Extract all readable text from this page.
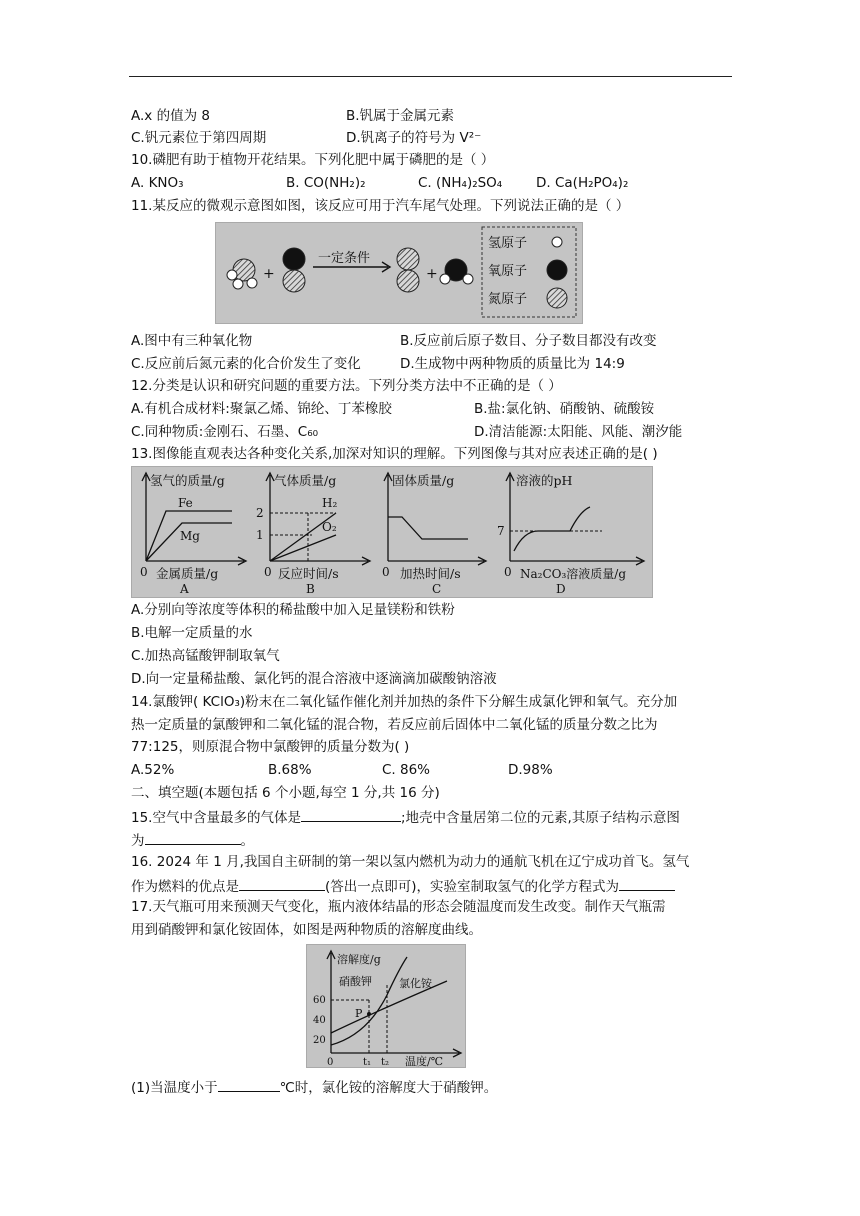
A.x 的值为 8	B.钒属于金属元素
C.钒元素位于第四周期	D.钒离子的符号为 V²⁻
10.磷肥有助于植物开花结果。下列化肥中属于磷肥的是（ ）
A. KNO₃	B. CO(NH₂)₂	C. (NH₄)₂SO₄	D. Ca(H₂PO₄)₂
11.某反应的微观示意图如图，该反应可用于汽车尾气处理。下列说法正确的是（ ）
+
一定条件
+
氢原子
氧原子
氮原子
A.图中有三种氧化物	B.反应前后原子数目、分子数目都没有改变
C.反应前后氮元素的化合价发生了变化	D.生成物中两种物质的质量比为 14:9
12.分类是认识和研究问题的重要方法。下列分类方法中不正确的是（ ）
A.有机合成材料:聚氯乙烯、锦纶、丁苯橡胶	B.盐:氯化钠、硝酸钠、硫酸铵
C.同种物质:金刚石、石墨、C₆₀	D.清洁能源:太阳能、风能、潮汐能
13.图像能直观表达各种变化关系,加深对知识的理解。下列图像与其对应表述正确的是( )
氢气的质量/g
Fe
Mg
0 金属质量/g
A
气体质量/g
2
1
H₂
O₂
0 反应时间/s
B
固体质量/g
0 加热时间/s
C
溶液的pH
7
0 Na₂CO₃溶液质量/g
D
A.分别向等浓度等体积的稀盐酸中加入足量镁粉和铁粉
B.电解一定质量的水
C.加热高锰酸钾制取氧气
D.向一定量稀盐酸、氯化钙的混合溶液中逐滴滴加碳酸钠溶液
14.氯酸钾( KClO₃)粉末在二氧化锰作催化剂并加热的条件下分解生成氯化钾和氧气。充分加
热一定质量的氯酸钾和二氧化锰的混合物，若反应前后固体中二氧化锰的质量分数之比为
77:125，则原混合物中氯酸钾的质量分数为( )
A.52%	B.68%	C. 86%	D.98%
二、填空题(本题包括 6 个小题,每空 1 分,共 16 分)
15.空气中含量最多的气体是	;地壳中含量居第二位的元素,其原子结构示意图
为	。
16. 2024 年 1 月,我国自主研制的第一架以氢内燃机为动力的通航飞机在辽宁成功首飞。氢气
作为燃料的优点是	(答出一点即可)，实验室制取氢气的化学方程式为
17.天气瓶可用来预测天气变化，瓶内液体结晶的形态会随温度而发生改变。制作天气瓶需
用到硝酸钾和氯化铵固体，如图是两种物质的溶解度曲线。
溶解度/g
60
40
20
P
硝酸钾 氯化铵
0	t₁ t₂ 温度/℃
(1)当温度小于	℃时，氯化铵的溶解度大于硝酸钾。
